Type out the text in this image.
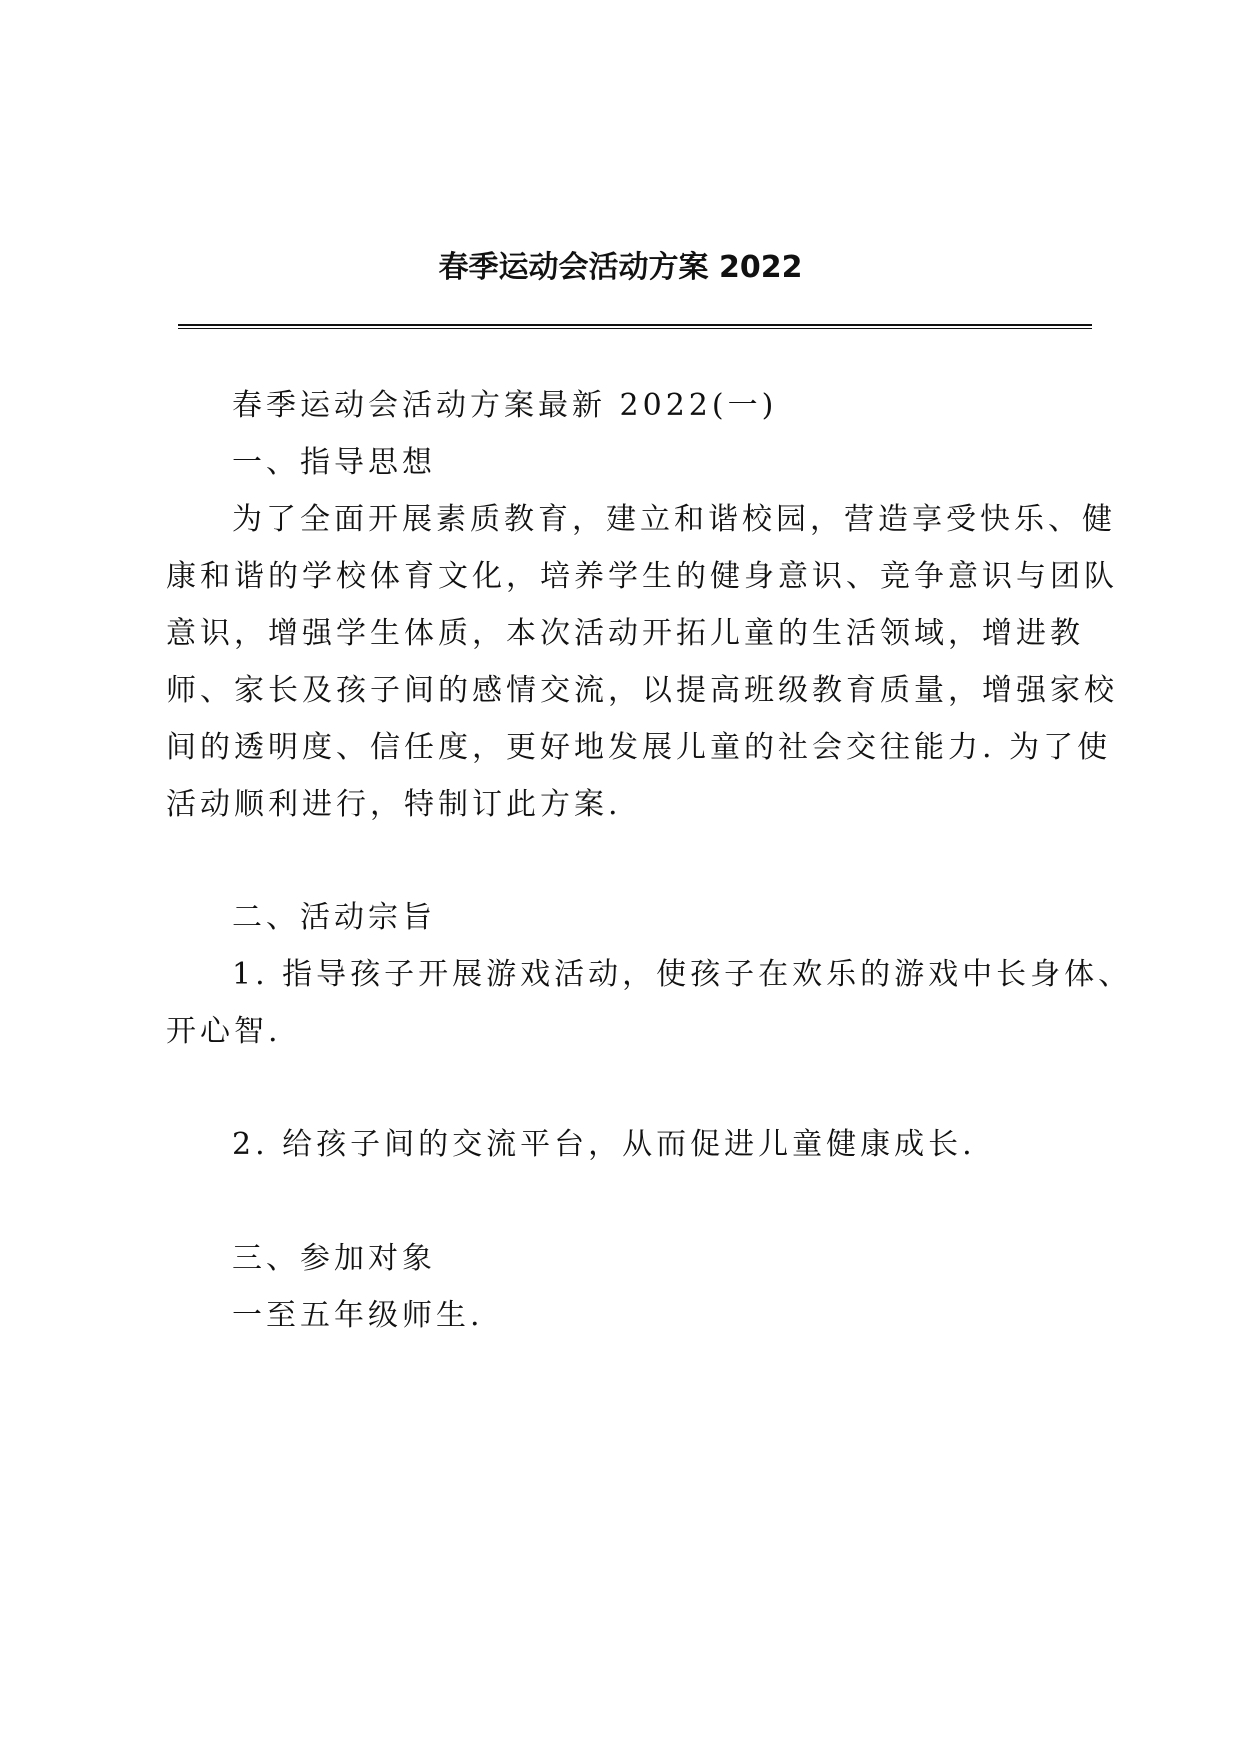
春季运动会活动方案 2022
春季运动会活动方案最新 2022(一)
一、指导思想
为了全面开展素质教育，建立和谐校园，营造享受快乐、健
康和谐的学校体育文化，培养学生的健身意识、竞争意识与团队
意识，增强学生体质，本次活动开拓儿童的生活领域，增进教
师、家长及孩子间的感情交流，以提高班级教育质量，增强家校
间的透明度、信任度，更好地发展儿童的社会交往能力. 为了使
活动顺利进行，特制订此方案.
二、活动宗旨
1. 指导孩子开展游戏活动，使孩子在欢乐的游戏中长身体、
开心智.
2. 给孩子间的交流平台，从而促进儿童健康成长.
三、参加对象
一至五年级师生.
